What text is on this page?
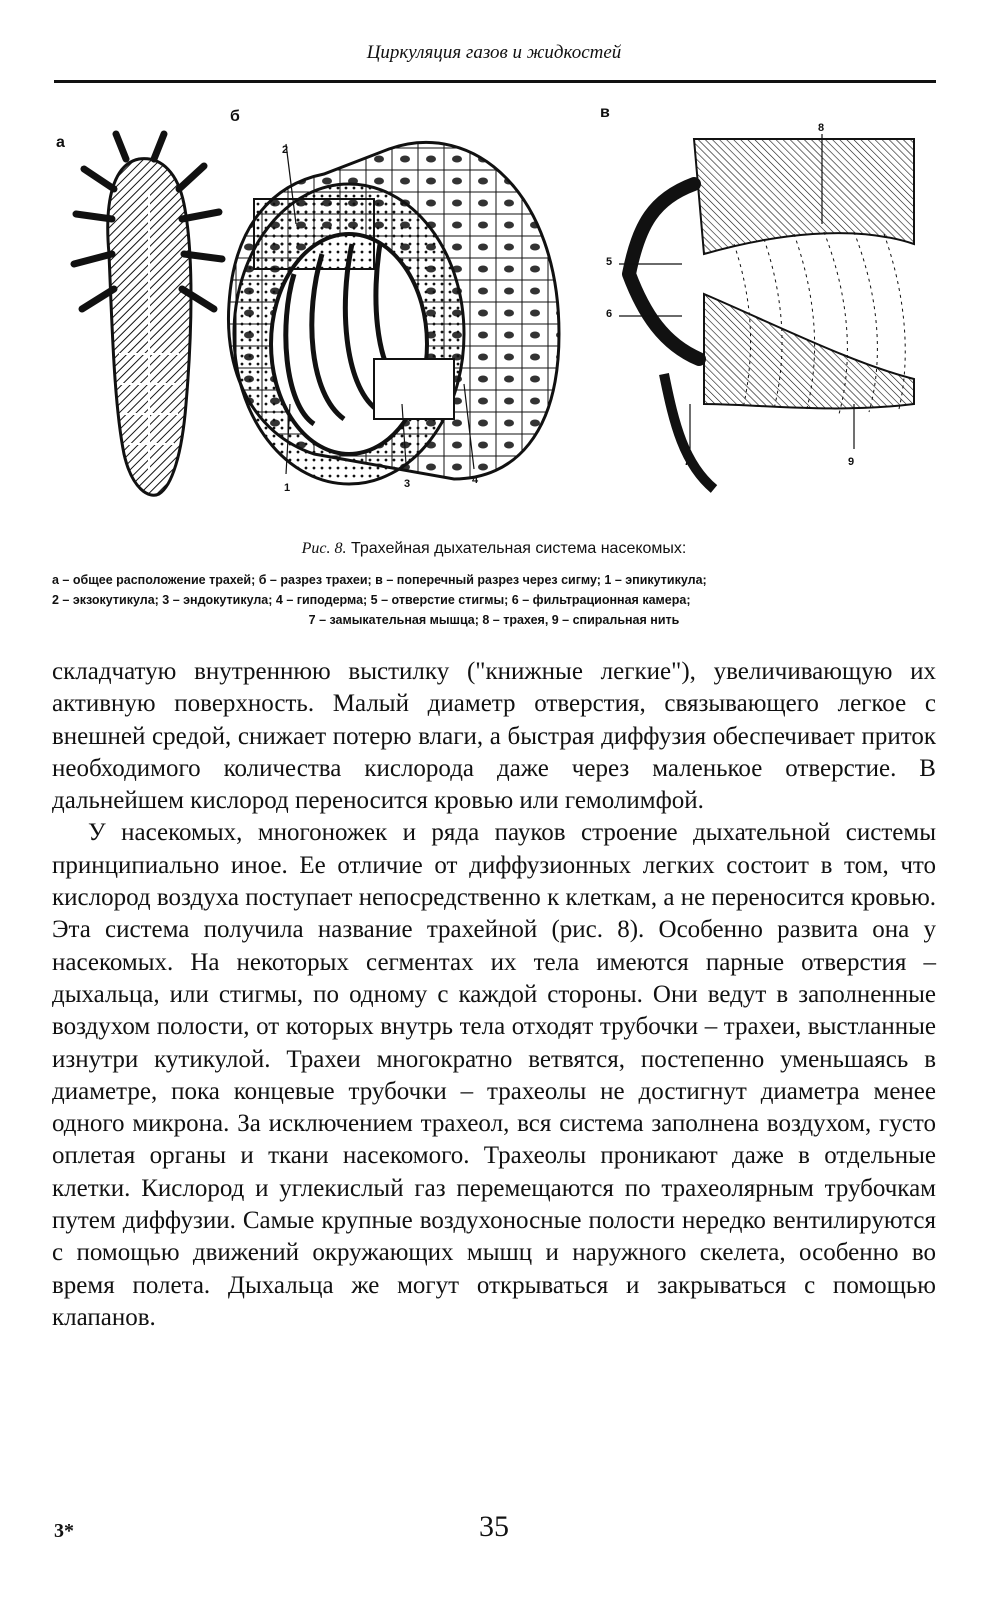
Циркуляция газов и жидкостей
а
б	в
2
1	3	4
8
5
6
7	9
Рис. 8. Трахейная дыхательная система насекомых:
а – общее расположение трахей; б – разрез трахеи; в – поперечный разрез через сигму; 1 – эпикутикула;
2 – экзокутикула; 3 – эндокутикула; 4 – гиподерма; 5 – отверстие стигмы; 6 – фильтрационная камера;
7 – замыкательная мышца; 8 – трахея, 9 – спиральная нить

складчатую внутреннюю выстилку ("книжные легкие"), увеличивающую их активную поверхность. Малый диаметр отверстия, связывающего легкое с внешней средой, снижает потерю влаги, а быстрая диффузия обеспечивает приток необходимого количества кислорода даже через маленькое отверстие. В дальнейшем кислород переносится кровью или гемолимфой.

У насекомых, многоножек и ряда пауков строение дыхательной системы принципиально иное. Ее отличие от диффузионных легких состоит в том, что кислород воздуха поступает непосредственно к клеткам, а не переносится кровью. Эта система получила название трахейной (рис. 8). Особенно развита она у насекомых. На некоторых сегментах их тела имеются парные отверстия – дыхальца, или стигмы, по одному с каждой стороны. Они ведут в заполненные воздухом полости, от которых внутрь тела отходят трубочки – трахеи, выстланные изнутри кутикулой. Трахеи многократно ветвятся, постепенно уменьшаясь в диаметре, пока концевые трубочки – трахеолы не достигнут диаметра менее одного микрона. За исключением трахеол, вся система заполнена воздухом, густо оплетая органы и ткани насекомого. Трахеолы проникают даже в отдельные клетки. Кислород и углекислый газ перемещаются по трахеолярным трубочкам путем диффузии. Самые крупные воздухоносные полости нередко вентилируются с помощью движений окружающих мышц и наружного скелета, особенно во время полета. Дыхальца же могут открываться и закрываться с помощью клапанов.

3*	35
